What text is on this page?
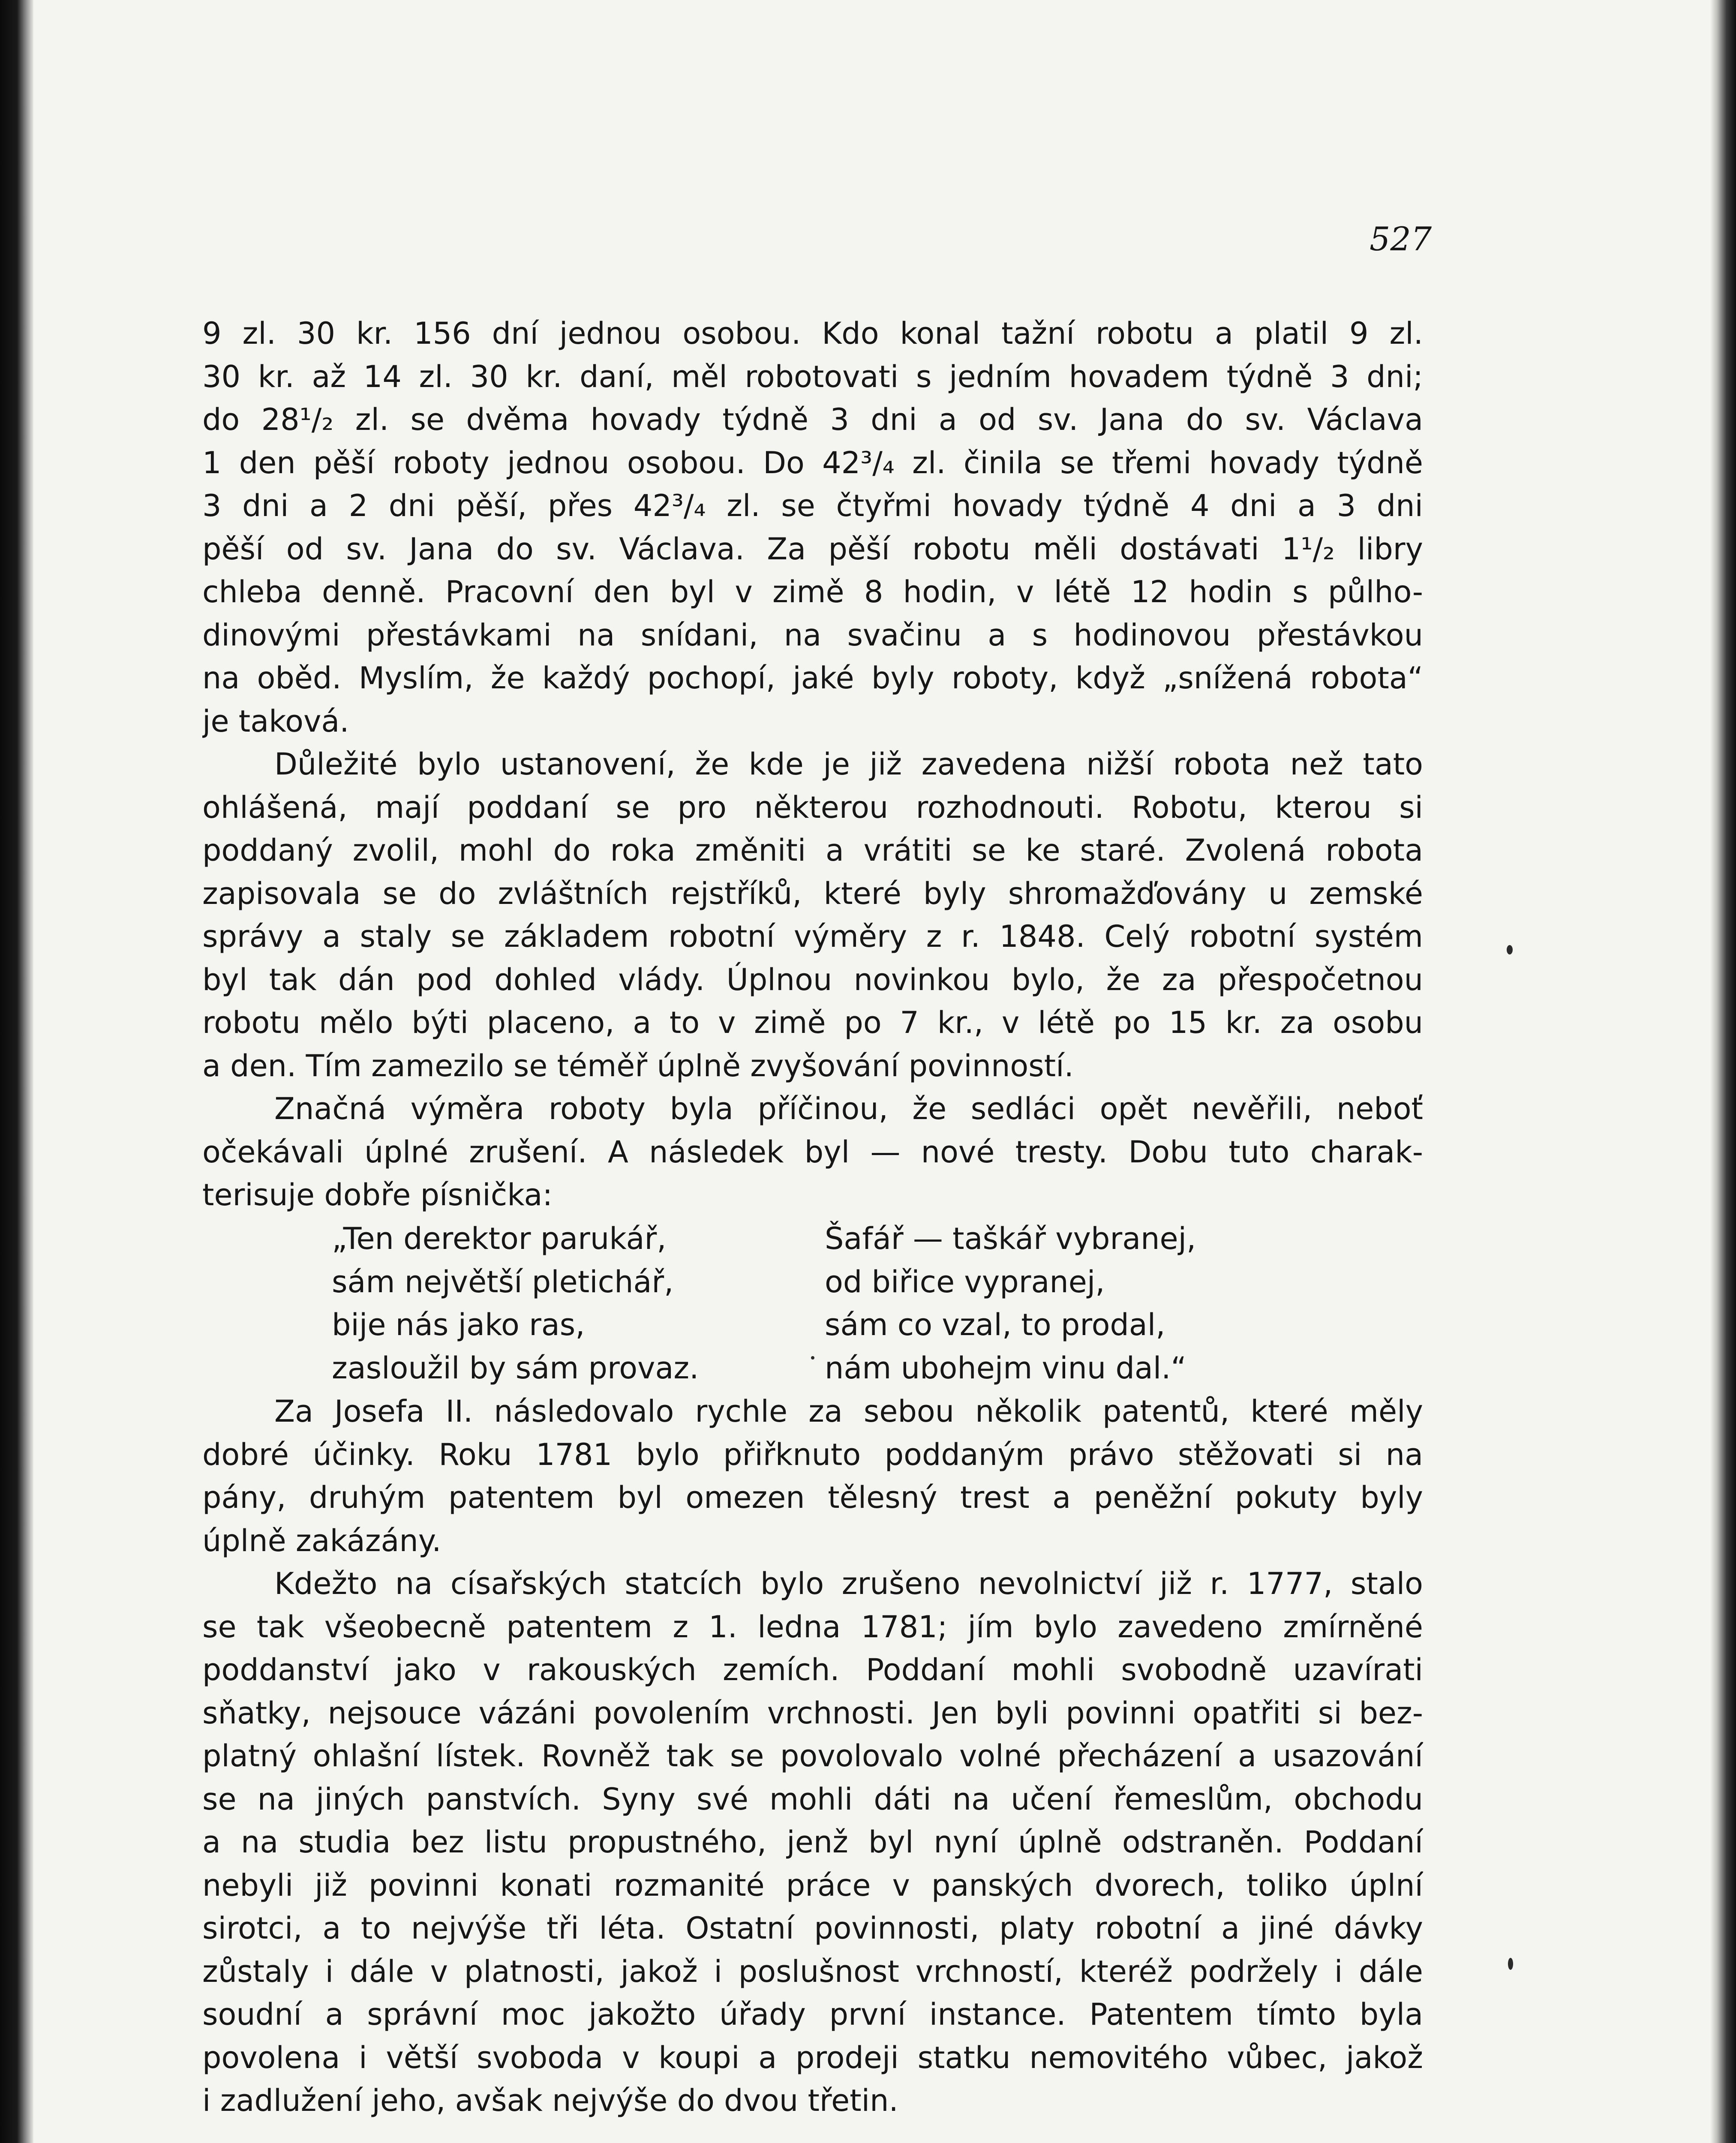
527
9 zl. 30 kr. 156 dní jednou osobou. Kdo konal tažní robotu a platil 9 zl.
30 kr. až 14 zl. 30 kr. daní, měl robotovati s jedním hovadem týdně 3 dni;
do 28¹/₂ zl. se dvěma hovady týdně 3 dni a od sv. Jana do sv. Václava
1 den pěší roboty jednou osobou. Do 42³/₄ zl. činila se třemi hovady týdně
3 dni a 2 dni pěší, přes 42³/₄ zl. se čtyřmi hovady týdně 4 dni a 3 dni
pěší od sv. Jana do sv. Václava. Za pěší robotu měli dostávati 1¹/₂ libry
chleba denně. Pracovní den byl v zimě 8 hodin, v létě 12 hodin s půlho-
dinovými přestávkami na snídani, na svačinu a s hodinovou přestávkou
na oběd. Myslím, že každý pochopí, jaké byly roboty, když „snížená robota“
je taková.
Důležité bylo ustanovení, že kde je již zavedena nižší robota než tato
ohlášená, mají poddaní se pro některou rozhodnouti. Robotu, kterou si
poddaný zvolil, mohl do roka změniti a vrátiti se ke staré. Zvolená robota
zapisovala se do zvláštních rejstříků, které byly shromažďovány u zemské
správy a staly se základem robotní výměry z r. 1848. Celý robotní systém
byl tak dán pod dohled vlády. Úplnou novinkou bylo, že za přespočetnou
robotu mělo býti placeno, a to v zimě po 7 kr., v létě po 15 kr. za osobu
a den. Tím zamezilo se téměř úplně zvyšování povinností.
Značná výměra roboty byla příčinou, že sedláci opět nevěřili, neboť
očekávali úplné zrušení. A následek byl — nové tresty. Dobu tuto charak-
terisuje dobře písnička:
„Ten derektor parukář,
sám největší pletichář,
bije nás jako ras,
zasloužil by sám provaz.
Šafář — taškář vybranej,
od biřice vypranej,
sám co vzal, to prodal,
nám ubohejm vinu dal.“
Za Josefa II. následovalo rychle za sebou několik patentů, které měly
dobré účinky. Roku 1781 bylo přiřknuto poddaným právo stěžovati si na
pány, druhým patentem byl omezen tělesný trest a peněžní pokuty byly
úplně zakázány.
Kdežto na císařských statcích bylo zrušeno nevolnictví již r. 1777, stalo
se tak všeobecně patentem z 1. ledna 1781; jím bylo zavedeno zmírněné
poddanství jako v rakouských zemích. Poddaní mohli svobodně uzavírati
sňatky, nejsouce vázáni povolením vrchnosti. Jen byli povinni opatřiti si bez-
platný ohlašní lístek. Rovněž tak se povolovalo volné přecházení a usazování
se na jiných panstvích. Syny své mohli dáti na učení řemeslům, obchodu
a na studia bez listu propustného, jenž byl nyní úplně odstraněn. Poddaní
nebyli již povinni konati rozmanité práce v panských dvorech, toliko úplní
sirotci, a to nejvýše tři léta. Ostatní povinnosti, platy robotní a jiné dávky
zůstaly i dále v platnosti, jakož i poslušnost vrchností, kteréž podržely i dále
soudní a správní moc jakožto úřady první instance. Patentem tímto byla
povolena i větší svoboda v koupi a prodeji statku nemovitého vůbec, jakož
i zadlužení jeho, avšak nejvýše do dvou třetin.
